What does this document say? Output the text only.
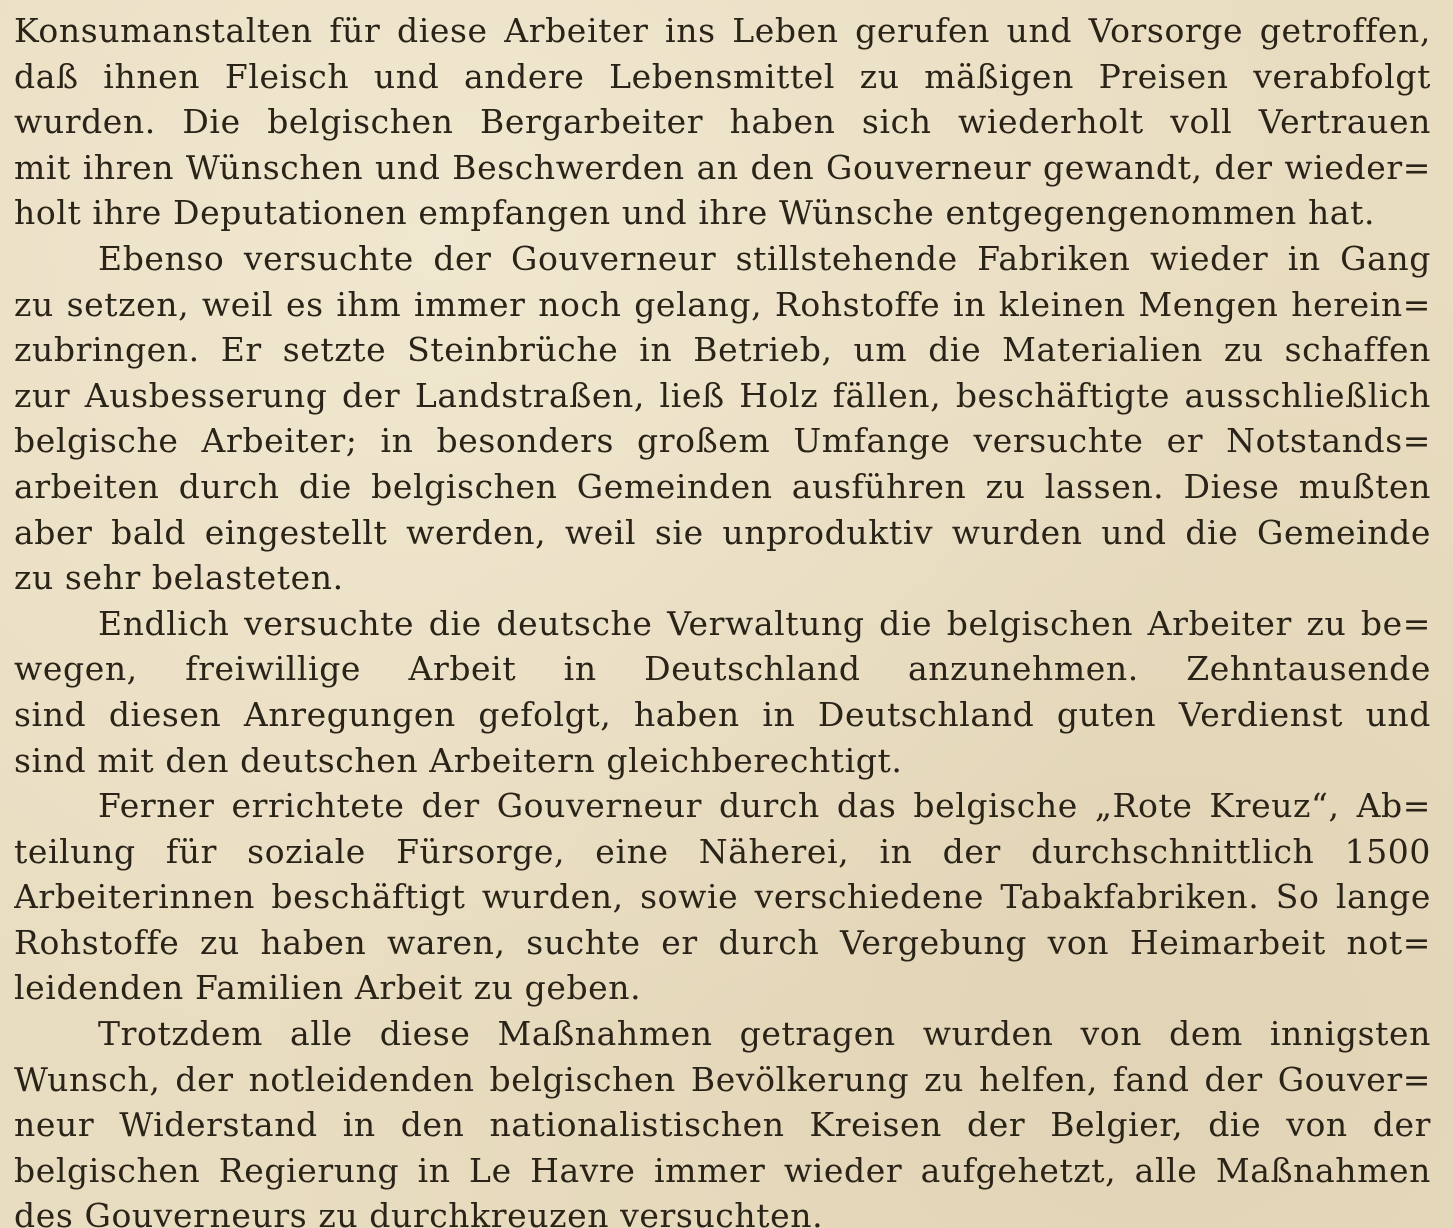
Konsumanstalten für diese Arbeiter ins Leben gerufen und Vorsorge getroffen,
daß ihnen Fleisch und andere Lebensmittel zu mäßigen Preisen verabfolgt
wurden. Die belgischen Bergarbeiter haben sich wiederholt voll Vertrauen
mit ihren Wünschen und Beschwerden an den Gouverneur gewandt, der wieder=
holt ihre Deputationen empfangen und ihre Wünsche entgegengenommen hat.
Ebenso versuchte der Gouverneur stillstehende Fabriken wieder in Gang
zu setzen, weil es ihm immer noch gelang, Rohstoffe in kleinen Mengen herein=
zubringen. Er setzte Steinbrüche in Betrieb, um die Materialien zu schaffen
zur Ausbesserung der Landstraßen, ließ Holz fällen, beschäftigte ausschließlich
belgische Arbeiter; in besonders großem Umfange versuchte er Notstands=
arbeiten durch die belgischen Gemeinden ausführen zu lassen. Diese mußten
aber bald eingestellt werden, weil sie unproduktiv wurden und die Gemeinde
zu sehr belasteten.
Endlich versuchte die deutsche Verwaltung die belgischen Arbeiter zu be=
wegen, freiwillige Arbeit in Deutschland anzunehmen. Zehntausende
sind diesen Anregungen gefolgt, haben in Deutschland guten Verdienst und
sind mit den deutschen Arbeitern gleichberechtigt.
Ferner errichtete der Gouverneur durch das belgische „Rote Kreuz“, Ab=
teilung für soziale Fürsorge, eine Näherei, in der durchschnittlich 1500
Arbeiterinnen beschäftigt wurden, sowie verschiedene Tabakfabriken. So lange
Rohstoffe zu haben waren, suchte er durch Vergebung von Heimarbeit not=
leidenden Familien Arbeit zu geben.
Trotzdem alle diese Maßnahmen getragen wurden von dem innigsten
Wunsch, der notleidenden belgischen Bevölkerung zu helfen, fand der Gouver=
neur Widerstand in den nationalistischen Kreisen der Belgier, die von der
belgischen Regierung in Le Havre immer wieder aufgehetzt, alle Maßnahmen
des Gouverneurs zu durchkreuzen versuchten.
